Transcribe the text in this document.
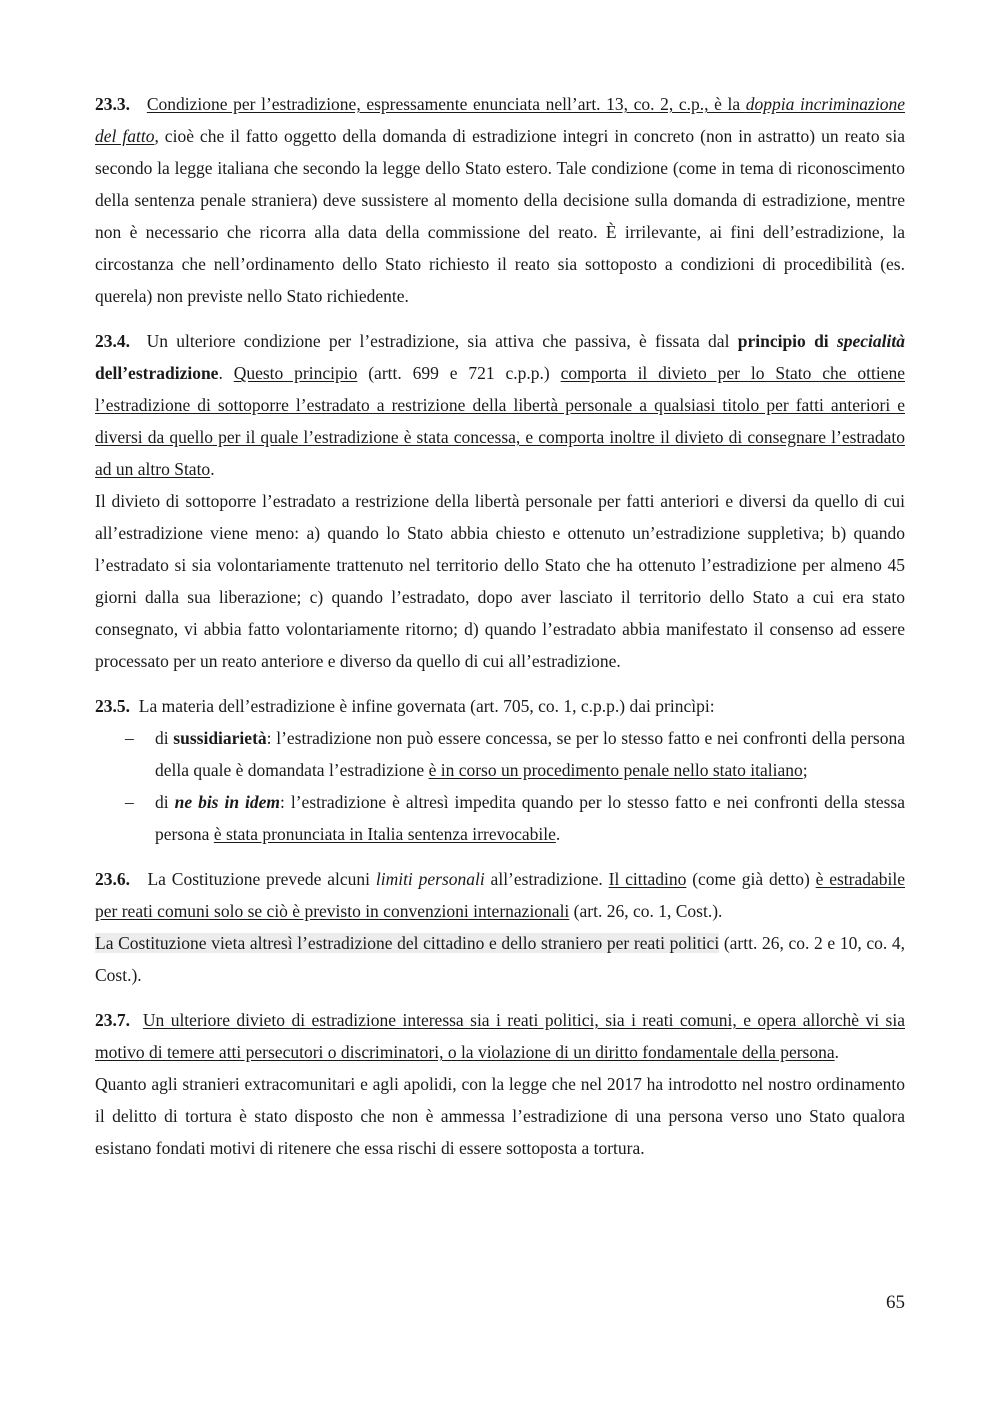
23.3. Condizione per l’estradizione, espressamente enunciata nell’art. 13, co. 2, c.p., è la doppia incriminazione del fatto, cioè che il fatto oggetto della domanda di estradizione integri in concreto (non in astratto) un reato sia secondo la legge italiana che secondo la legge dello Stato estero. Tale condizione (come in tema di riconoscimento della sentenza penale straniera) deve sussistere al momento della decisione sulla domanda di estradizione, mentre non è necessario che ricorra alla data della commissione del reato. È irrilevante, ai fini dell’estradizione, la circostanza che nell’ordinamento dello Stato richiesto il reato sia sottoposto a condizioni di procedibilità (es. querela) non previste nello Stato richiedente.

23.4. Un ulteriore condizione per l’estradizione, sia attiva che passiva, è fissata dal principio di specialità dell’estradizione. Questo principio (artt. 699 e 721 c.p.p.) comporta il divieto per lo Stato che ottiene l’estradizione di sottoporre l’estradato a restrizione della libertà personale a qualsiasi titolo per fatti anteriori e diversi da quello per il quale l’estradizione è stata concessa, e comporta inoltre il divieto di consegnare l’estradato ad un altro Stato.

Il divieto di sottoporre l’estradato a restrizione della libertà personale per fatti anteriori e diversi da quello di cui all’estradizione viene meno: a) quando lo Stato abbia chiesto e ottenuto un’estradizione suppletiva; b) quando l’estradato si sia volontariamente trattenuto nel territorio dello Stato che ha ottenuto l’estradizione per almeno 45 giorni dalla sua liberazione; c) quando l’estradato, dopo aver lasciato il territorio dello Stato a cui era stato consegnato, vi abbia fatto volontariamente ritorno; d) quando l’estradato abbia manifestato il consenso ad essere processato per un reato anteriore e diverso da quello di cui all’estradizione.

23.5. La materia dell’estradizione è infine governata (art. 705, co. 1, c.p.p.) dai princìpi:

– di sussidiarietà: l’estradizione non può essere concessa, se per lo stesso fatto e nei confronti della persona della quale è domandata l’estradizione è in corso un procedimento penale nello stato italiano;
– di ne bis in idem: l’estradizione è altresì impedita quando per lo stesso fatto e nei confronti della stessa persona è stata pronunciata in Italia sentenza irrevocabile.

23.6. La Costituzione prevede alcuni limiti personali all’estradizione. Il cittadino (come già detto) è estradabile per reati comuni solo se ciò è previsto in convenzioni internazionali (art. 26, co. 1, Cost.).

La Costituzione vieta altresì l’estradizione del cittadino e dello straniero per reati politici (artt. 26, co. 2 e 10, co. 4, Cost.).

23.7. Un ulteriore divieto di estradizione interessa sia i reati politici, sia i reati comuni, e opera allorchè vi sia motivo di temere atti persecutori o discriminatori, o la violazione di un diritto fondamentale della persona.

Quanto agli stranieri extracomunitari e agli apolidi, con la legge che nel 2017 ha introdotto nel nostro ordinamento il delitto di tortura è stato disposto che non è ammessa l’estradizione di una persona verso uno Stato qualora esistano fondati motivi di ritenere che essa rischi di essere sottoposta a tortura.

65
